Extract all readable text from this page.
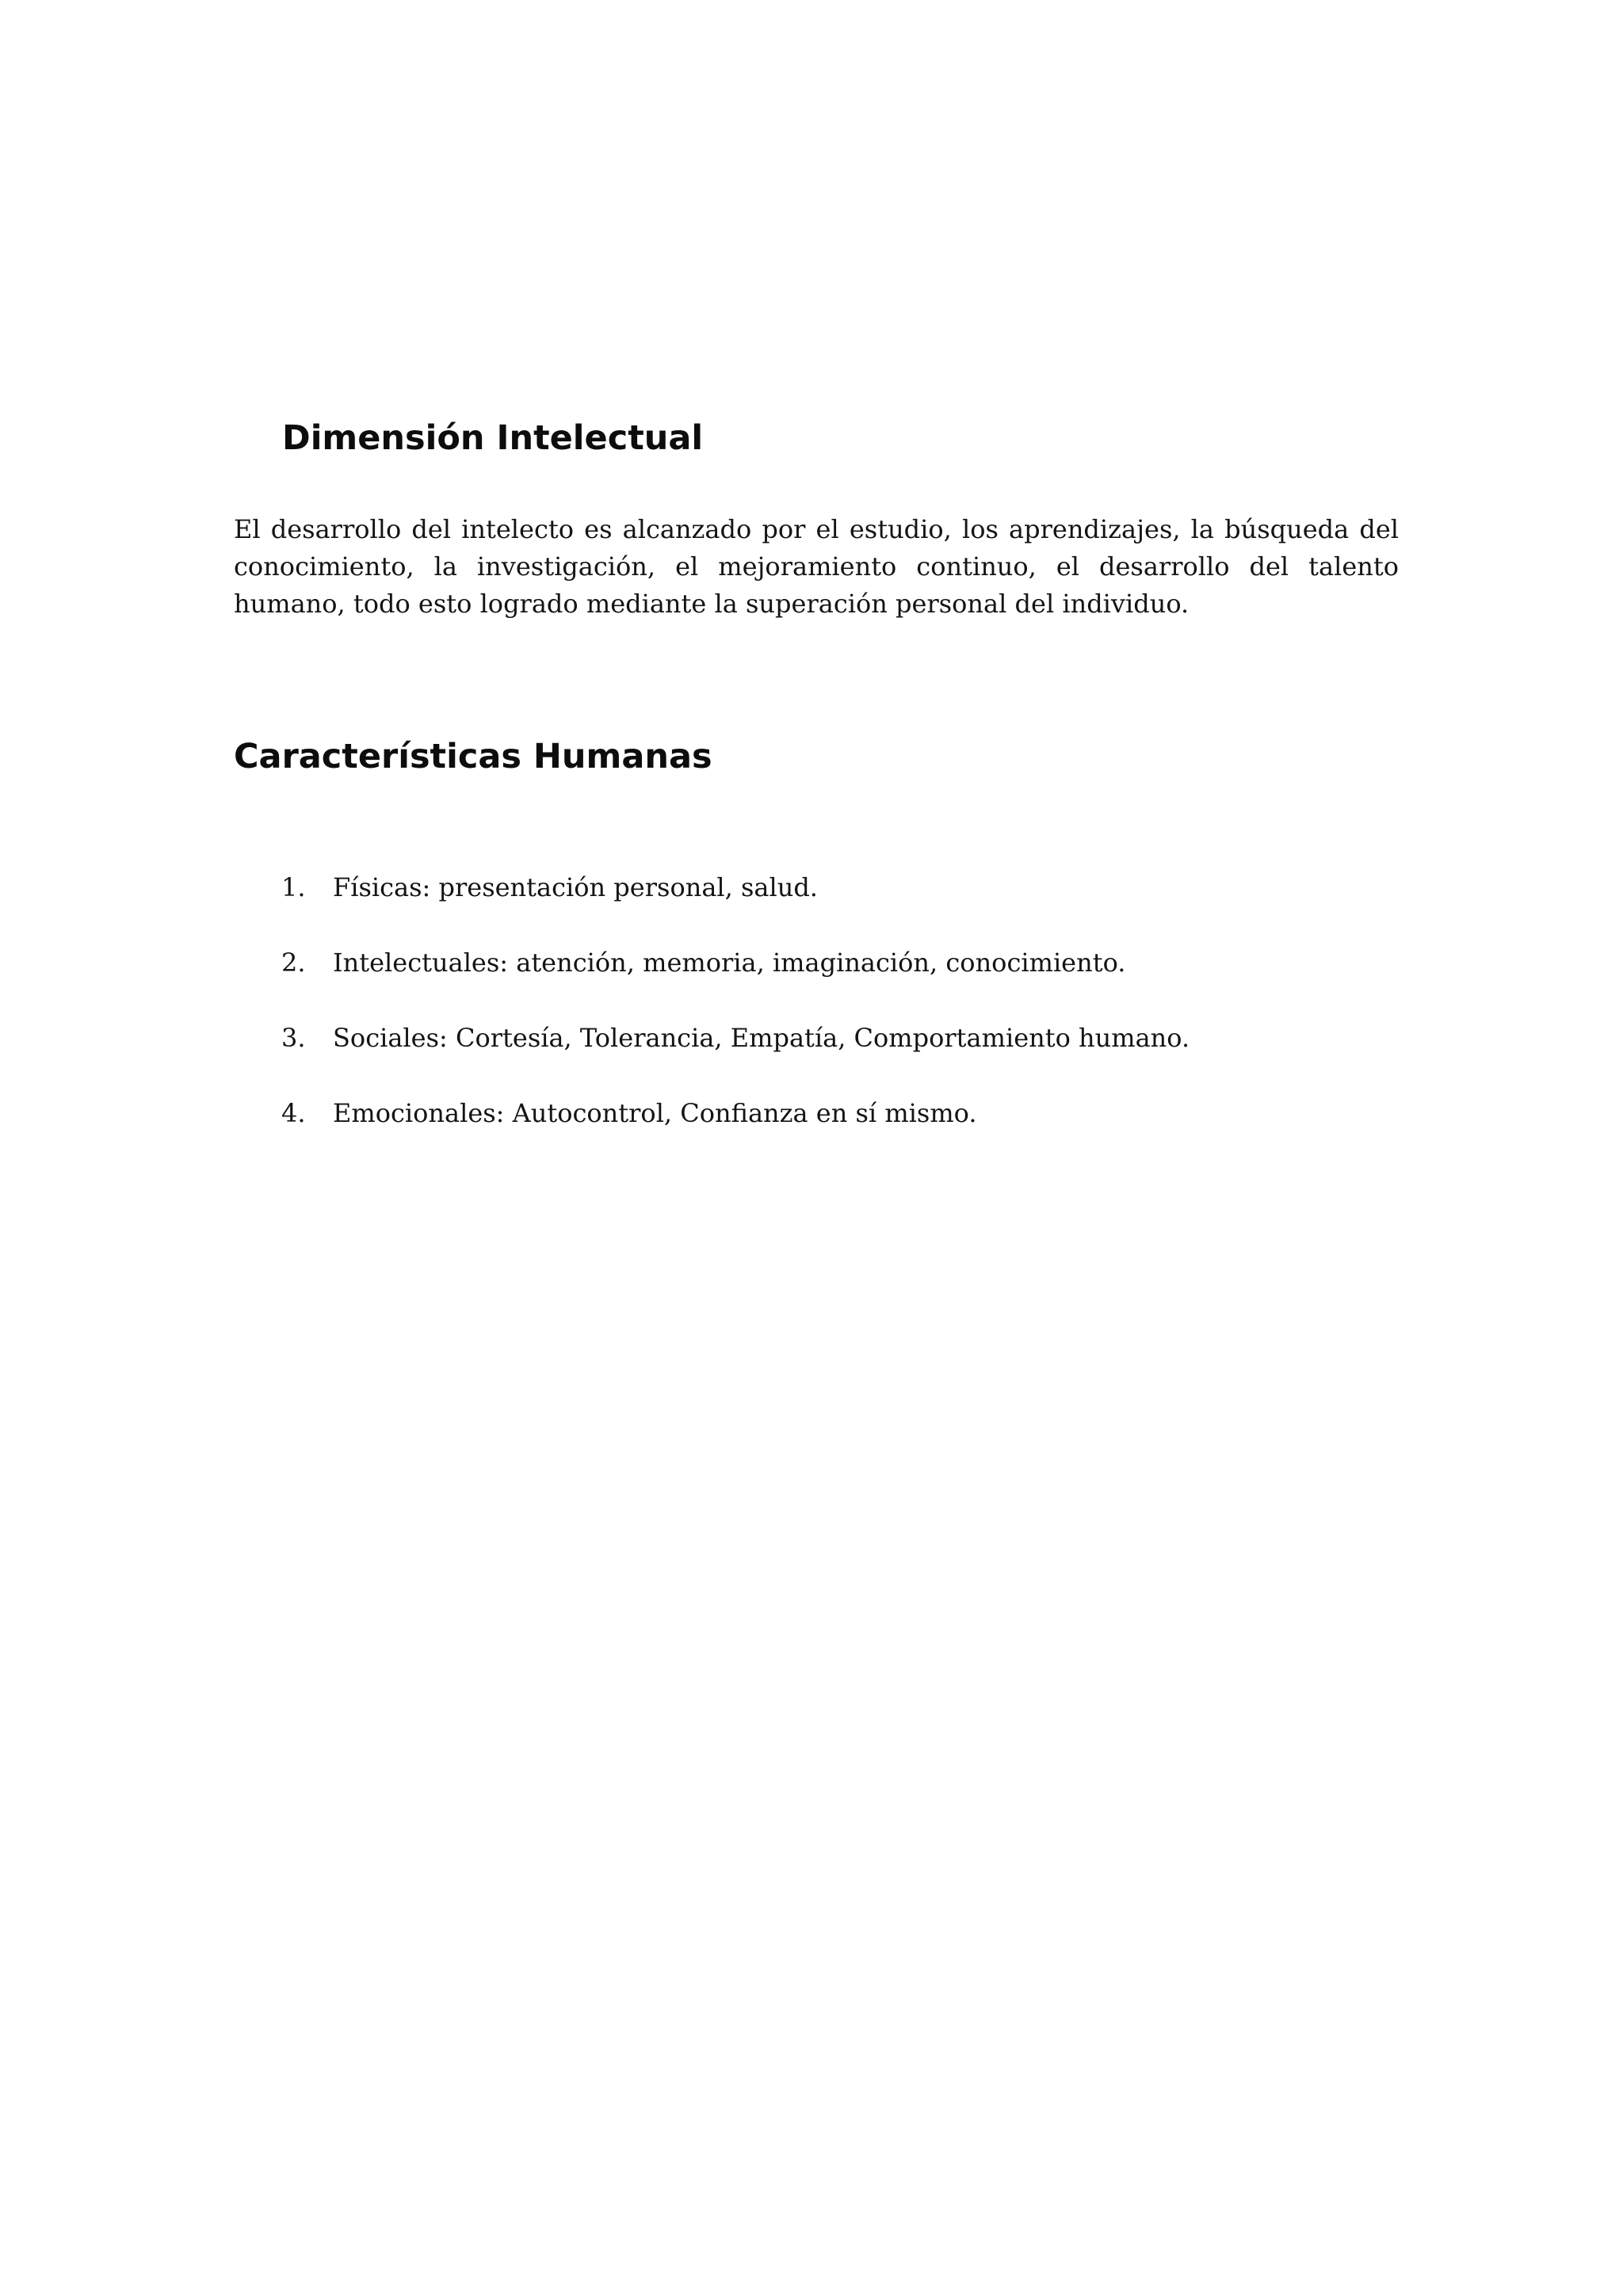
Dimensión Intelectual

El desarrollo del intelecto es alcanzado por el estudio, los aprendizajes, la búsqueda del conocimiento, la investigación, el mejoramiento continuo, el desarrollo del talento humano, todo esto logrado mediante la superación personal del individuo.

Características Humanas
1. Físicas: presentación personal, salud.
2. Intelectuales: atención, memoria, imaginación, conocimiento.
3. Sociales: Cortesía, Tolerancia, Empatía, Comportamiento humano.
4. Emocionales: Autocontrol, Confianza en sí mismo.
